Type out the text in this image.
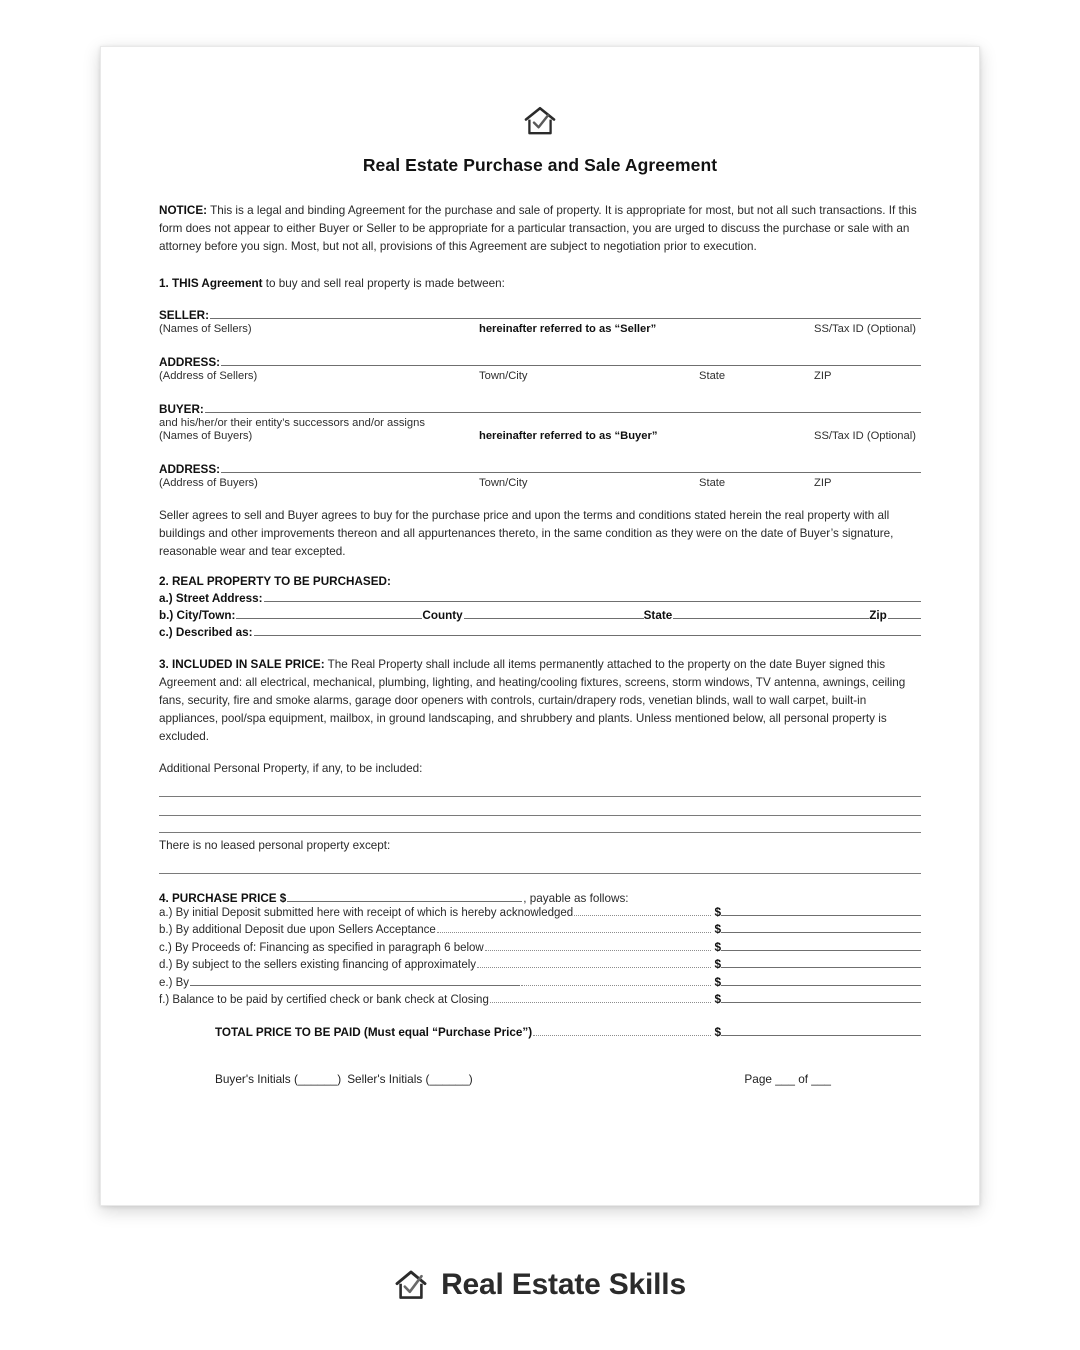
Real Estate Purchase and Sale Agreement

NOTICE: This is a legal and binding Agreement for the purchase and sale of property. It is appropriate for most, but not all such transactions. If this form does not appear to either Buyer or Seller to be appropriate for a particular transaction, you are urged to discuss the purchase or sale with an attorney before you sign. Most, but not all, provisions of this Agreement are subject to negotiation prior to execution.

1. THIS Agreement to buy and sell real property is made between:

SELLER:
(Names of Sellers)	hereinafter referred to as “Seller”	SS/Tax ID (Optional)
ADDRESS:
(Address of Sellers)	Town/City	State	ZIP
BUYER:
and his/her/or their entity’s successors and/or assigns
(Names of Buyers)	hereinafter referred to as “Buyer”	SS/Tax ID (Optional)
ADDRESS:
(Address of Buyers)	Town/City	State	ZIP

Seller agrees to sell and Buyer agrees to buy for the purchase price and upon the terms and conditions stated herein the real property with all buildings and other improvements thereon and all appurtenances thereto, in the same condition as they were on the date of Buyer’s signature, reasonable wear and tear excepted.

2. REAL PROPERTY TO BE PURCHASED:
a.) Street Address:
b.) City/Town:	County	State	Zip
c.) Described as:

3. INCLUDED IN SALE PRICE: The Real Property shall include all items permanently attached to the property on the date Buyer signed this Agreement and: all electrical, mechanical, plumbing, lighting, and heating/cooling fixtures, screens, storm windows, TV antenna, awnings, ceiling fans, security, fire and smoke alarms, garage door openers with controls, curtain/drapery rods, venetian blinds, wall to wall carpet, built-in appliances, pool/spa equipment, mailbox, in ground landscaping, and shrubbery and plants. Unless mentioned below, all personal property is excluded.

Additional Personal Property, if any, to be included:

There is no leased personal property except:

4. PURCHASE PRICE $	, payable as follows:
a.) By initial Deposit submitted here with receipt of which is hereby acknowledged	$
b.) By additional Deposit due upon Sellers Acceptance	$
c.) By Proceeds of: Financing as specified in paragraph 6 below	$
d.) By subject to the sellers existing financing of approximately	$
e.) By	$
f.) Balance to be paid by certified check or bank check at Closing	$
TOTAL PRICE TO BE PAID (Must equal “Purchase Price”)	$
Buyer's Initials (______) Seller's Initials (______)	Page ___ of ___
Real Estate Skills
